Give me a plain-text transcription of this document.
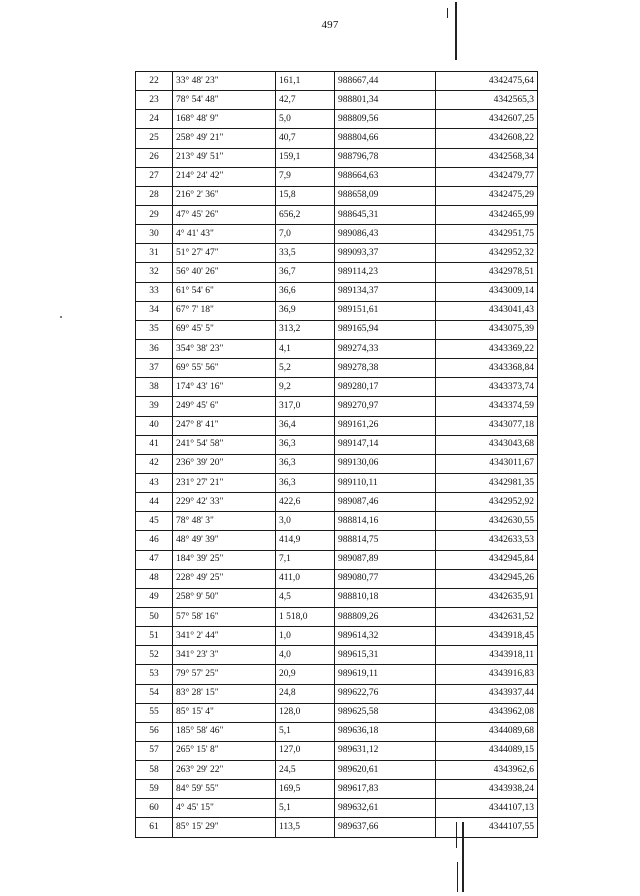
497
22	33° 48' 23"	161,1	988667,44	4342475,64
23	78° 54' 48"	42,7	988801,34	4342565,3
24	168° 48' 9"	5,0	988809,56	4342607,25
25	258° 49' 21"	40,7	988804,66	4342608,22
26	213° 49' 51"	159,1	988796,78	4342568,34
27	214° 24' 42"	7,9	988664,63	4342479,77
28	216° 2' 36"	15,8	988658,09	4342475,29
29	47° 45' 26"	656,2	988645,31	4342465,99
30	4° 41' 43"	7,0	989086,43	4342951,75
31	51° 27' 47"	33,5	989093,37	4342952,32
32	56° 40' 26"	36,7	989114,23	4342978,51
33	61° 54' 6"	36,6	989134,37	4343009,14
34	67° 7' 18"	36,9	989151,61	4343041,43
35	69° 45' 5"	313,2	989165,94	4343075,39
36	354° 38' 23"	4,1	989274,33	4343369,22
37	69° 55' 56"	5,2	989278,38	4343368,84
38	174° 43' 16"	9,2	989280,17	4343373,74
39	249° 45' 6"	317,0	989270,97	4343374,59
40	247° 8' 41"	36,4	989161,26	4343077,18
41	241° 54' 58"	36,3	989147,14	4343043,68
42	236° 39' 20"	36,3	989130,06	4343011,67
43	231° 27' 21"	36,3	989110,11	4342981,35
44	229° 42' 33"	422,6	989087,46	4342952,92
45	78° 48' 3"	3,0	988814,16	4342630,55
46	48° 49' 39"	414,9	988814,75	4342633,53
47	184° 39' 25"	7,1	989087,89	4342945,84
48	228° 49' 25"	411,0	989080,77	4342945,26
49	258° 9' 50"	4,5	988810,18	4342635,91
50	57° 58' 16"	1 518,0	988809,26	4342631,52
51	341° 2' 44"	1,0	989614,32	4343918,45
52	341° 23' 3"	4,0	989615,31	4343918,11
53	79° 57' 25"	20,9	989619,11	4343916,83
54	83° 28' 15"	24,8	989622,76	4343937,44
55	85° 15' 4"	128,0	989625,58	4343962,08
56	185° 58' 46"	5,1	989636,18	4344089,68
57	265° 15' 8"	127,0	989631,12	4344089,15
58	263° 29' 22"	24,5	989620,61	4343962,6
59	84° 59' 55"	169,5	989617,83	4343938,24
60	4° 45' 15"	5,1	989632,61	4344107,13
61	85° 15' 29"	113,5	989637,66	4344107,55
